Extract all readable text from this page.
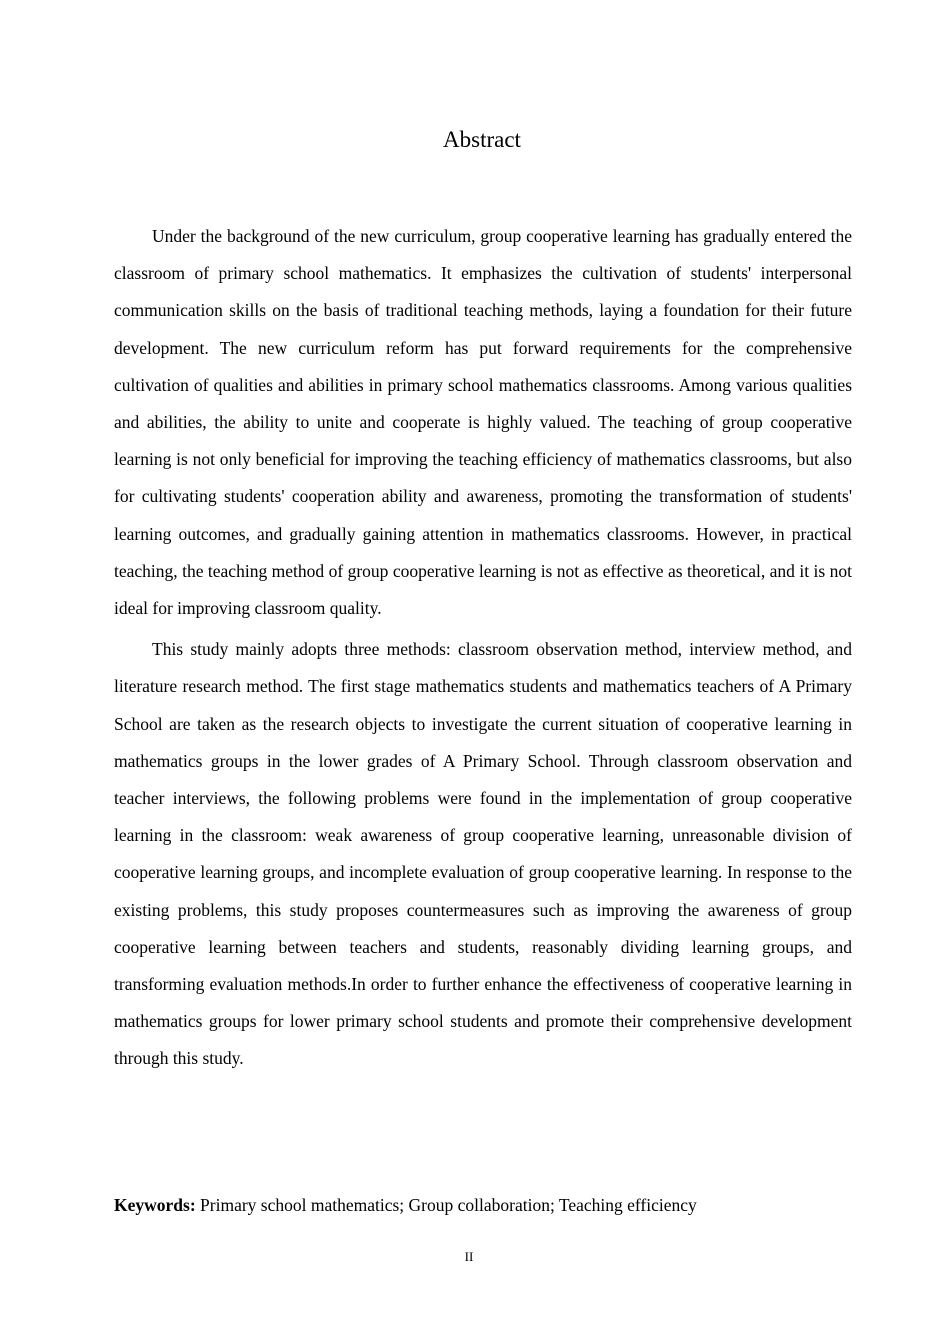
Abstract

Under the background of the new curriculum, group cooperative learning has gradually entered the classroom of primary school mathematics. It emphasizes the cultivation of students' interpersonal communication skills on the basis of traditional teaching methods, laying a foundation for their future development. The new curriculum reform has put forward requirements for the comprehensive cultivation of qualities and abilities in primary school mathematics classrooms. Among various qualities and abilities, the ability to unite and cooperate is highly valued. The teaching of group cooperative learning is not only beneficial for improving the teaching efficiency of mathematics classrooms, but also for cultivating students' cooperation ability and awareness, promoting the transformation of students' learning outcomes, and gradually gaining attention in mathematics classrooms. However, in practical teaching, the teaching method of group cooperative learning is not as effective as theoretical, and it is not ideal for improving classroom quality.

This study mainly adopts three methods: classroom observation method, interview method, and literature research method. The first stage mathematics students and mathematics teachers of A Primary School are taken as the research objects to investigate the current situation of cooperative learning in mathematics groups in the lower grades of A Primary School. Through classroom observation and teacher interviews, the following problems were found in the implementation of group cooperative learning in the classroom: weak awareness of group cooperative learning, unreasonable division of cooperative learning groups, and incomplete evaluation of group cooperative learning. In response to the existing problems, this study proposes countermeasures such as improving the awareness of group cooperative learning between teachers and students, reasonably dividing learning groups, and transforming evaluation methods.In order to further enhance the effectiveness of cooperative learning in mathematics groups for lower primary school students and promote their comprehensive development through this study.

Keywords: Primary school mathematics; Group collaboration; Teaching efficiency

II
